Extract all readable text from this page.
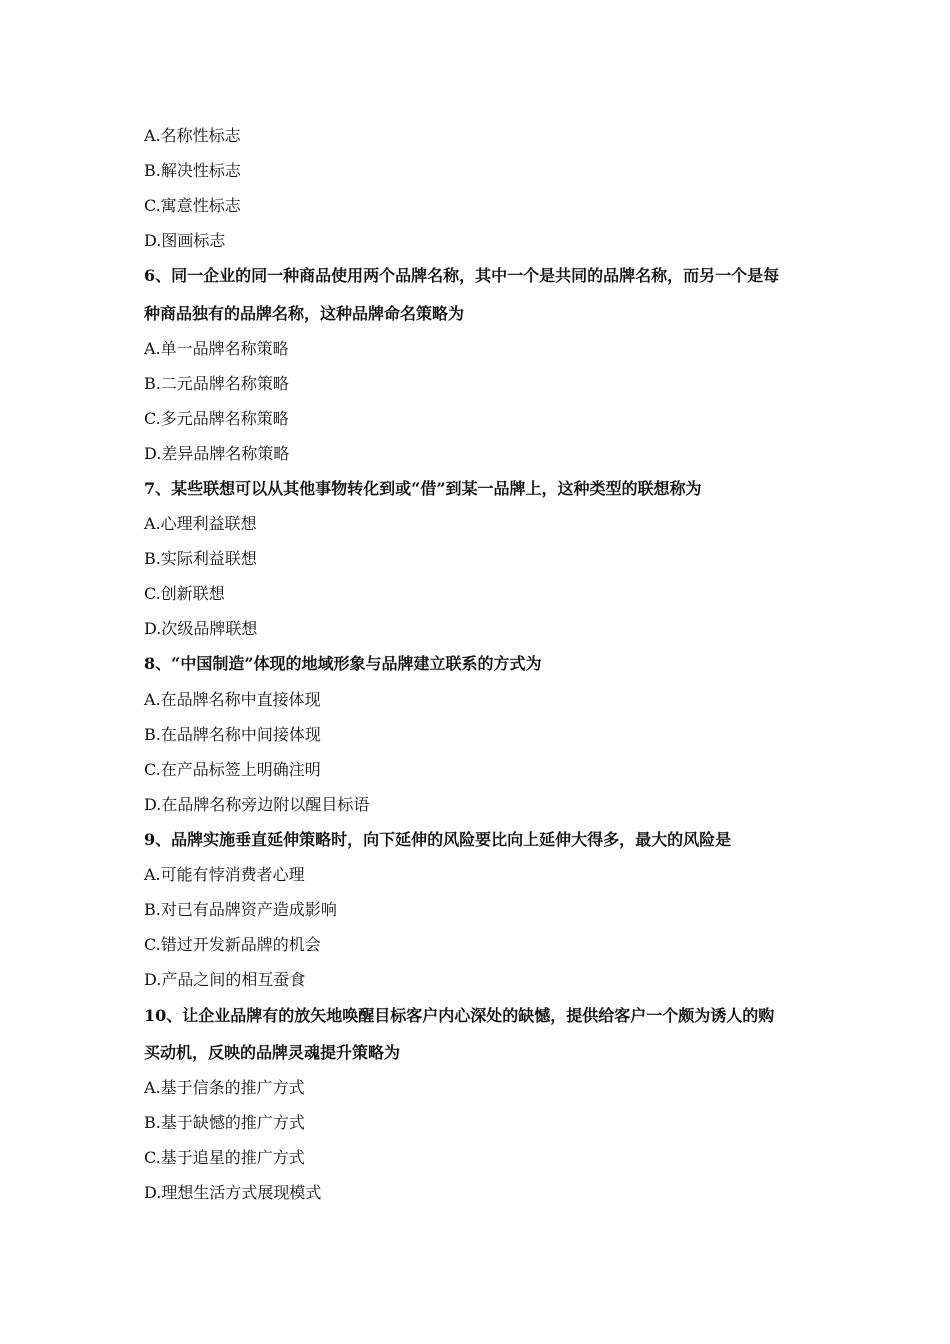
A.名称性标志
B.解决性标志
C.寓意性标志
D.图画标志
6、同一企业的同一种商品使用两个品牌名称，其中一个是共同的品牌名称，而另一个是每
种商品独有的品牌名称，这种品牌命名策略为
A.单一品牌名称策略
B.二元品牌名称策略
C.多元品牌名称策略
D.差异品牌名称策略
7、某些联想可以从其他事物转化到或“借”到某一品牌上，这种类型的联想称为
A.心理利益联想
B.实际利益联想
C.创新联想
D.次级品牌联想
8、“中国制造”体现的地域形象与品牌建立联系的方式为
A.在品牌名称中直接体现
B.在品牌名称中间接体现
C.在产品标签上明确注明
D.在品牌名称旁边附以醒目标语
9、品牌实施垂直延伸策略时，向下延伸的风险要比向上延伸大得多，最大的风险是
A.可能有悖消费者心理
B.对已有品牌资产造成影响
C.错过开发新品牌的机会
D.产品之间的相互蚕食
10、让企业品牌有的放矢地唤醒目标客户内心深处的缺憾，提供给客户一个颇为诱人的购
买动机，反映的品牌灵魂提升策略为
A.基于信条的推广方式
B.基于缺憾的推广方式
C.基于追星的推广方式
D.理想生活方式展现模式
